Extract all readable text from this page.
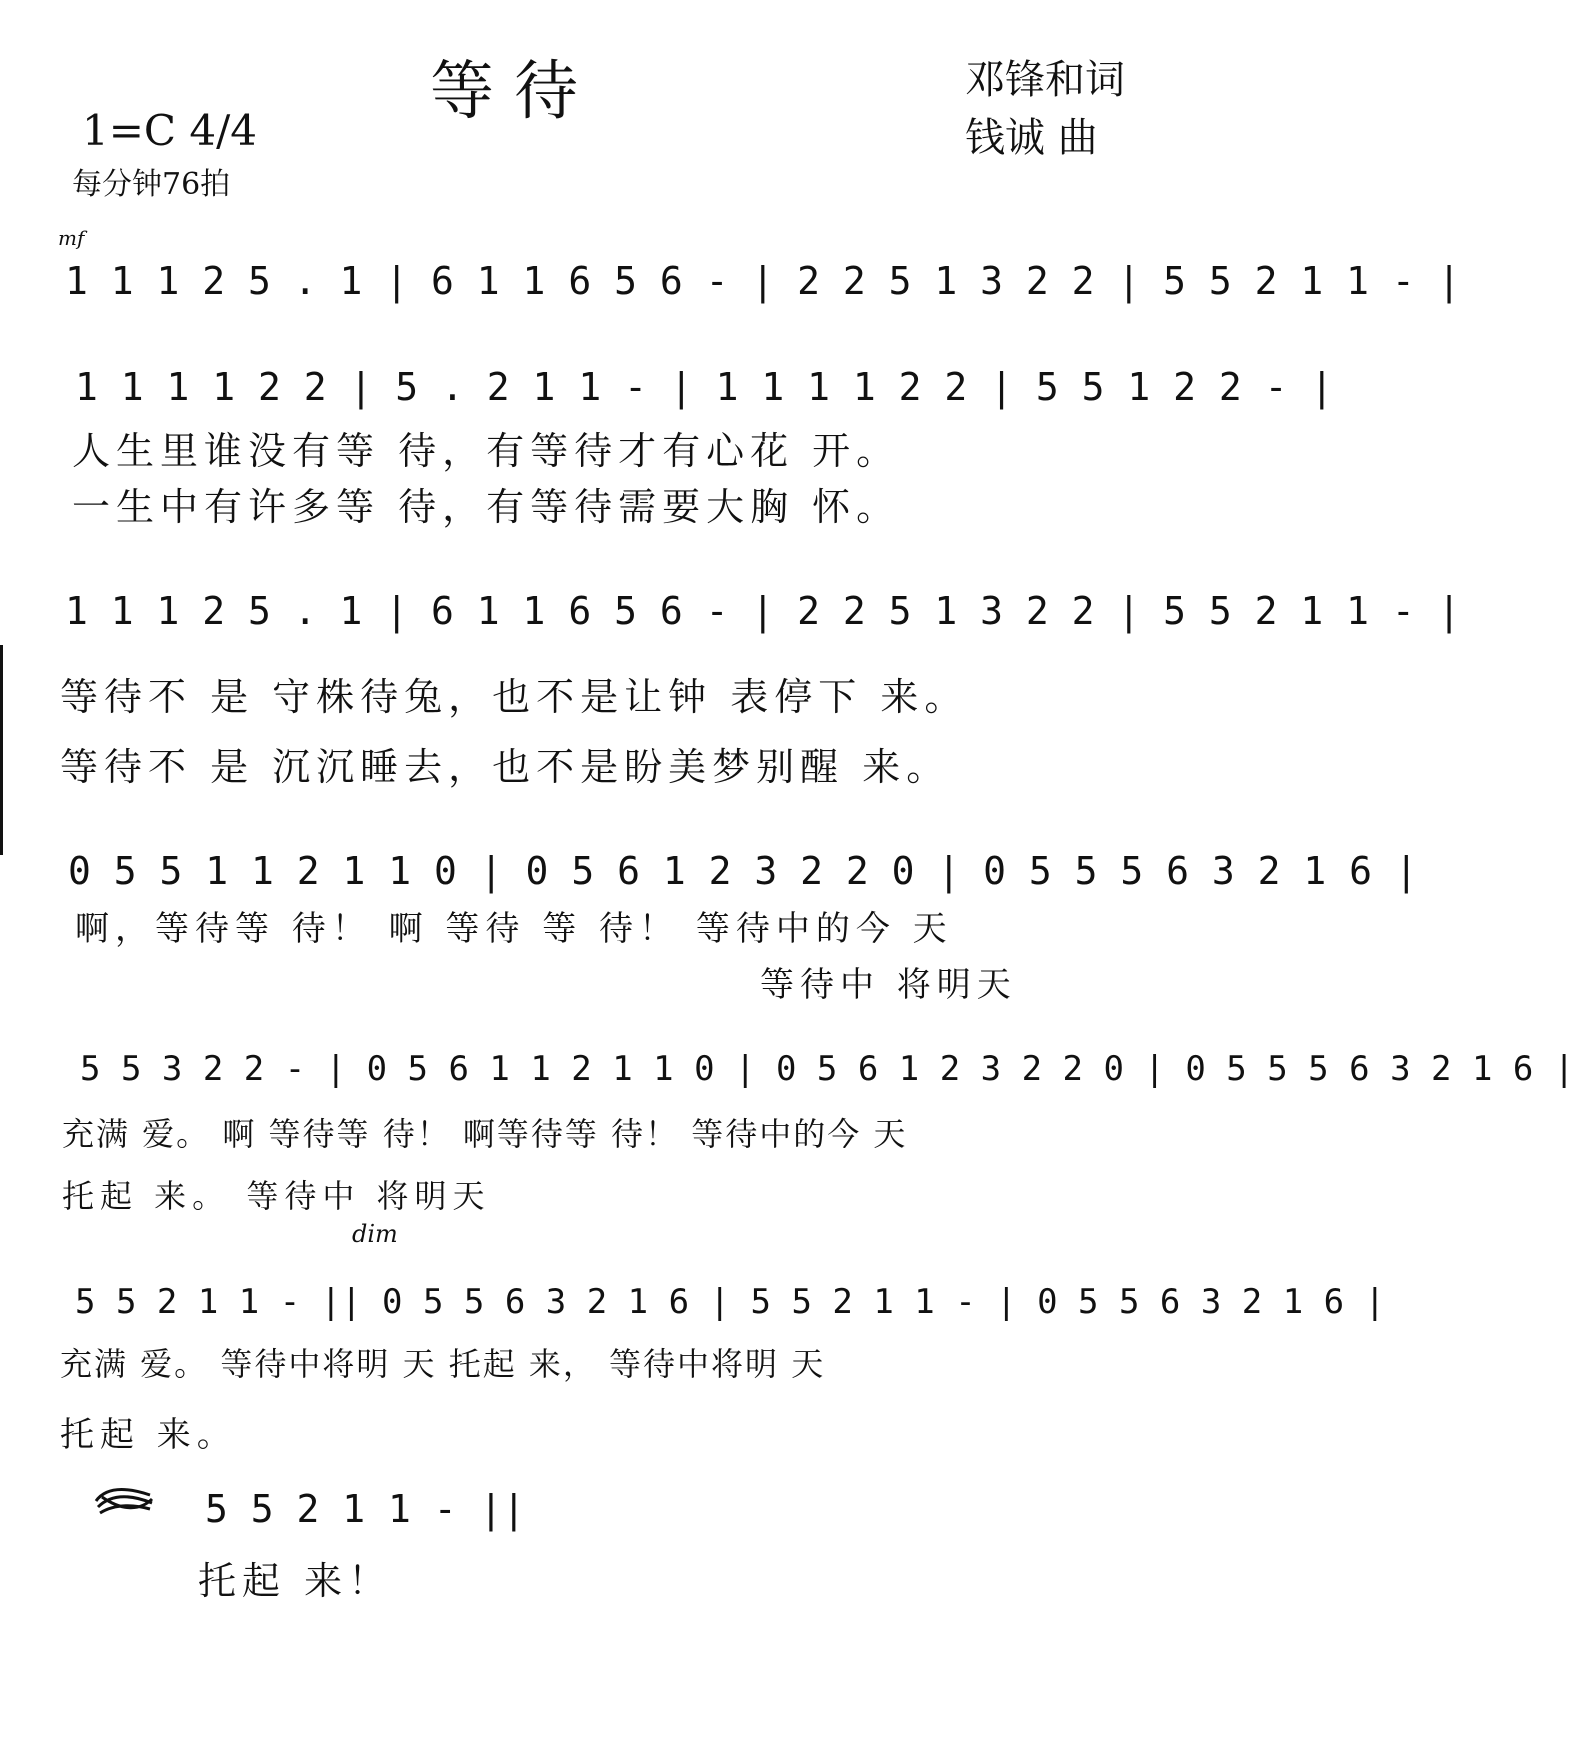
等待	邓锋和词
钱诚 曲
1=C 4/4
每分钟76拍
mf
dim
1 1 1 2 5 . 1 | 6 1 1 6 5 6 - | 2 2 5 1 3 2 2 | 5 5 2 1 1 - |
1 1 1 1 2 2 | 5 . 2 1 1 - | 1 1 1 1 2 2 | 5 5 1 2 2 - |
人生里谁没有等 待，有等待才有心花 开。
一生中有许多等 待，有等待需要大胸 怀。
1 1 1 2 5 . 1 | 6 1 1 6 5 6 - | 2 2 5 1 3 2 2 | 5 5 2 1 1 - |
等待不 是 守株待兔，也不是让钟 表停下 来。
等待不 是 沉沉睡去，也不是盼美梦别醒 来。
0 5 5 1 1 2 1 1 0 | 0 5 6 1 2 3 2 2 0 | 0 5 5 5 6 3 2 1 6 |
啊，等待等 待！ 啊 等待 等 待！ 等待中的今 天
等待中 将明天
5 5 3 2 2 - | 0 5 6 1 1 2 1 1 0 | 0 5 6 1 2 3 2 2 0 | 0 5 5 5 6 3 2 1 6 |
充满 爱。 啊 等待等 待！ 啊等待等 待！ 等待中的今 天
托起 来。 等待中 将明天
5 5 2 1 1 - || 0 5 5 6 3 2 1 6 | 5 5 2 1 1 - | 0 5 5 6 3 2 1 6 |
充满 爱。 等待中将明 天 托起 来， 等待中将明 天
托起 来。
5 5 2 1 1 - ||
托起 来！
